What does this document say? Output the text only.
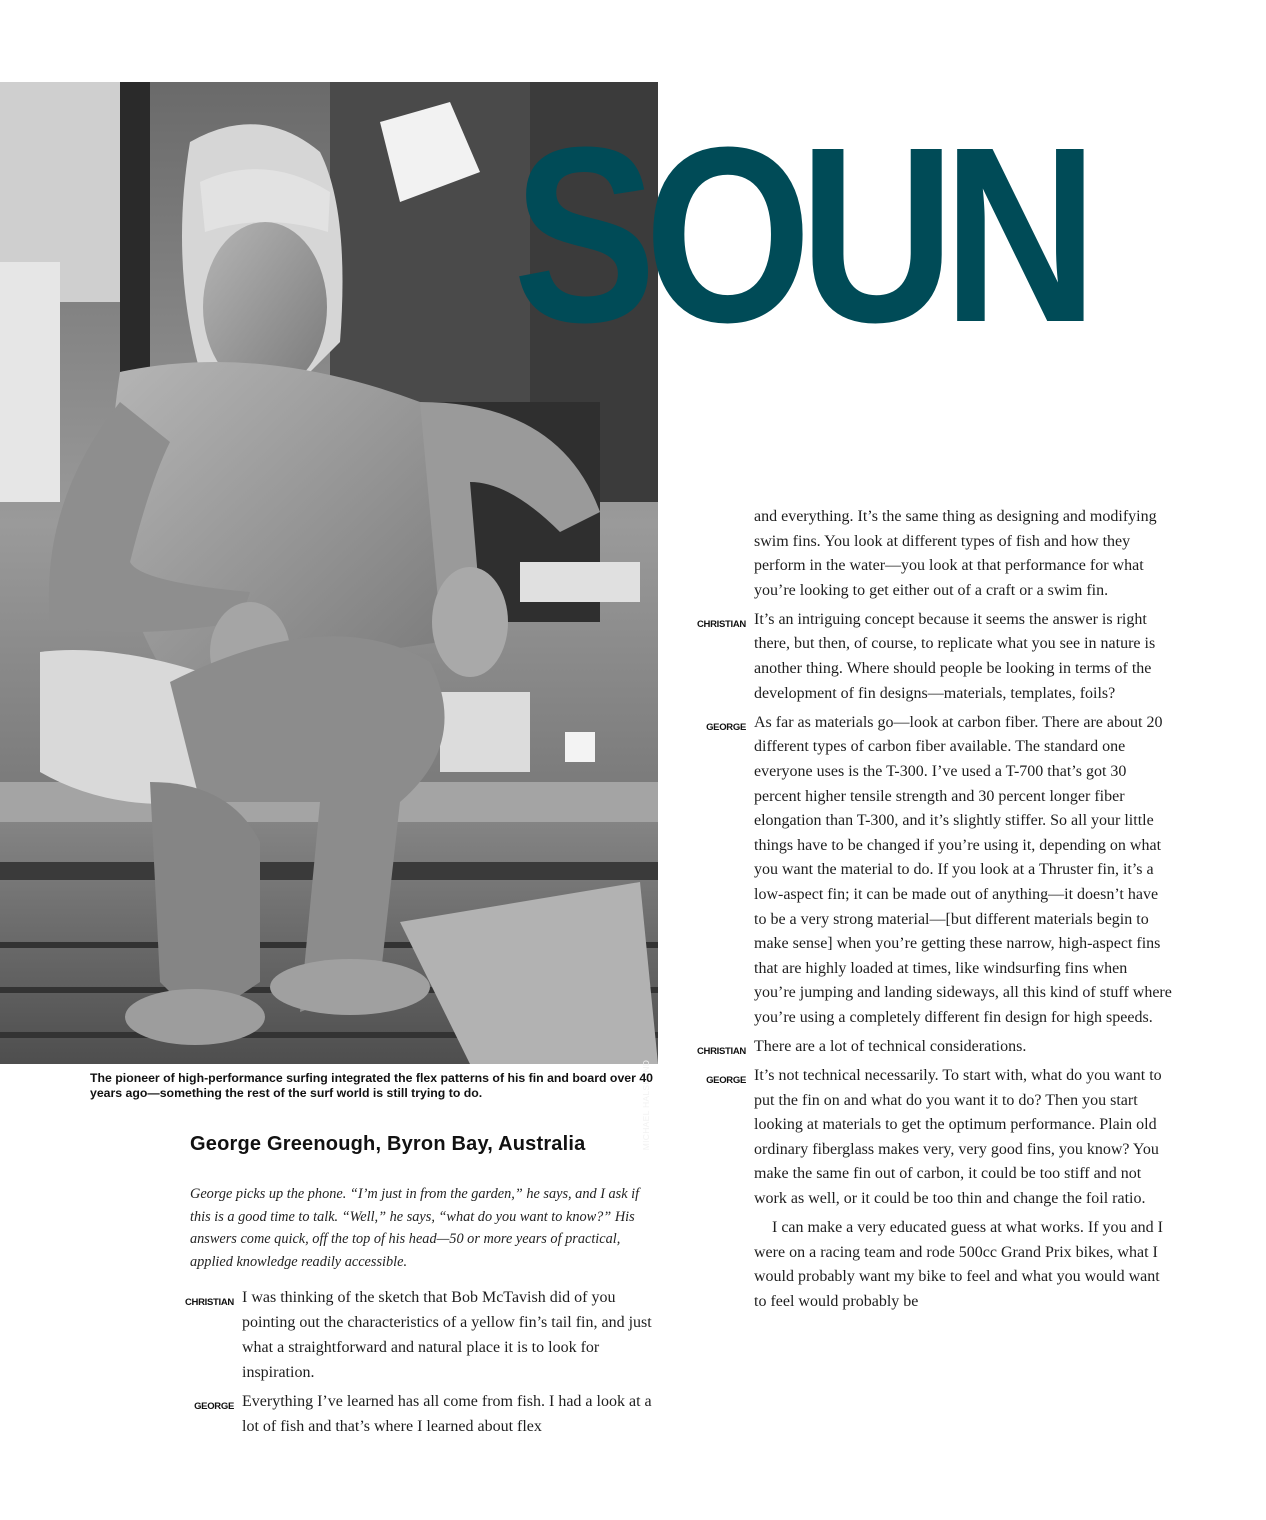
MICHAEL HALSBAND
The pioneer of high-performance surfing integrated the flex patterns of his fin and board over 40 years ago—something the rest of the surf world is still trying to do.
SOUN
George Greenough, Byron Bay, Australia
George picks up the phone. “I’m just in from the garden,” he says, and I ask if this is a good time to talk. “Well,” he says, “what do you want to know?” His answers come quick, off the top of his head—50 or more years of practical, applied knowledge readily accessible.

CHRISTIAN I was thinking of the sketch that Bob McTavish did of you pointing out the characteristics of a yellow fin’s tail fin, and just what a straightforward and natural place it is to look for inspiration.

GEORGE Everything I’ve learned has all come from fish. I had a look at a lot of fish and that’s where I learned about flex

and everything. It’s the same thing as designing and modifying swim fins. You look at different types of fish and how they perform in the water—you look at that performance for what you’re looking to get either out of a craft or a swim fin.

CHRISTIAN It’s an intriguing concept because it seems the answer is right there, but then, of course, to replicate what you see in nature is another thing. Where should people be looking in terms of the development of fin designs—materials, templates, foils?

GEORGE As far as materials go—look at carbon fiber. There are about 20 different types of carbon fiber available. The standard one everyone uses is the T-300. I’ve used a T-700 that’s got 30 percent higher tensile strength and 30 percent longer fiber elongation than T-300, and it’s slightly stiffer. So all your little things have to be changed if you’re using it, depending on what you want the material to do. If you look at a Thruster fin, it’s a low-aspect fin; it can be made out of anything—it doesn’t have to be a very strong material—[but different materials begin to make sense] when you’re getting these narrow, high-aspect fins that are highly loaded at times, like windsurfing fins when you’re jumping and landing sideways, all this kind of stuff where you’re using a completely different fin design for high speeds.

CHRISTIAN There are a lot of technical considerations.

GEORGE It’s not technical necessarily. To start with, what do you want to put the fin on and what do you want it to do? Then you start looking at materials to get the optimum performance. Plain old ordinary fiberglass makes very, very good fins, you know? You make the same fin out of carbon, it could be too stiff and not work as well, or it could be too thin and change the foil ratio.

I can make a very educated guess at what works. If you and I were on a racing team and rode 500cc Grand Prix bikes, what I would probably want my bike to feel and what you would want to feel would probably be
